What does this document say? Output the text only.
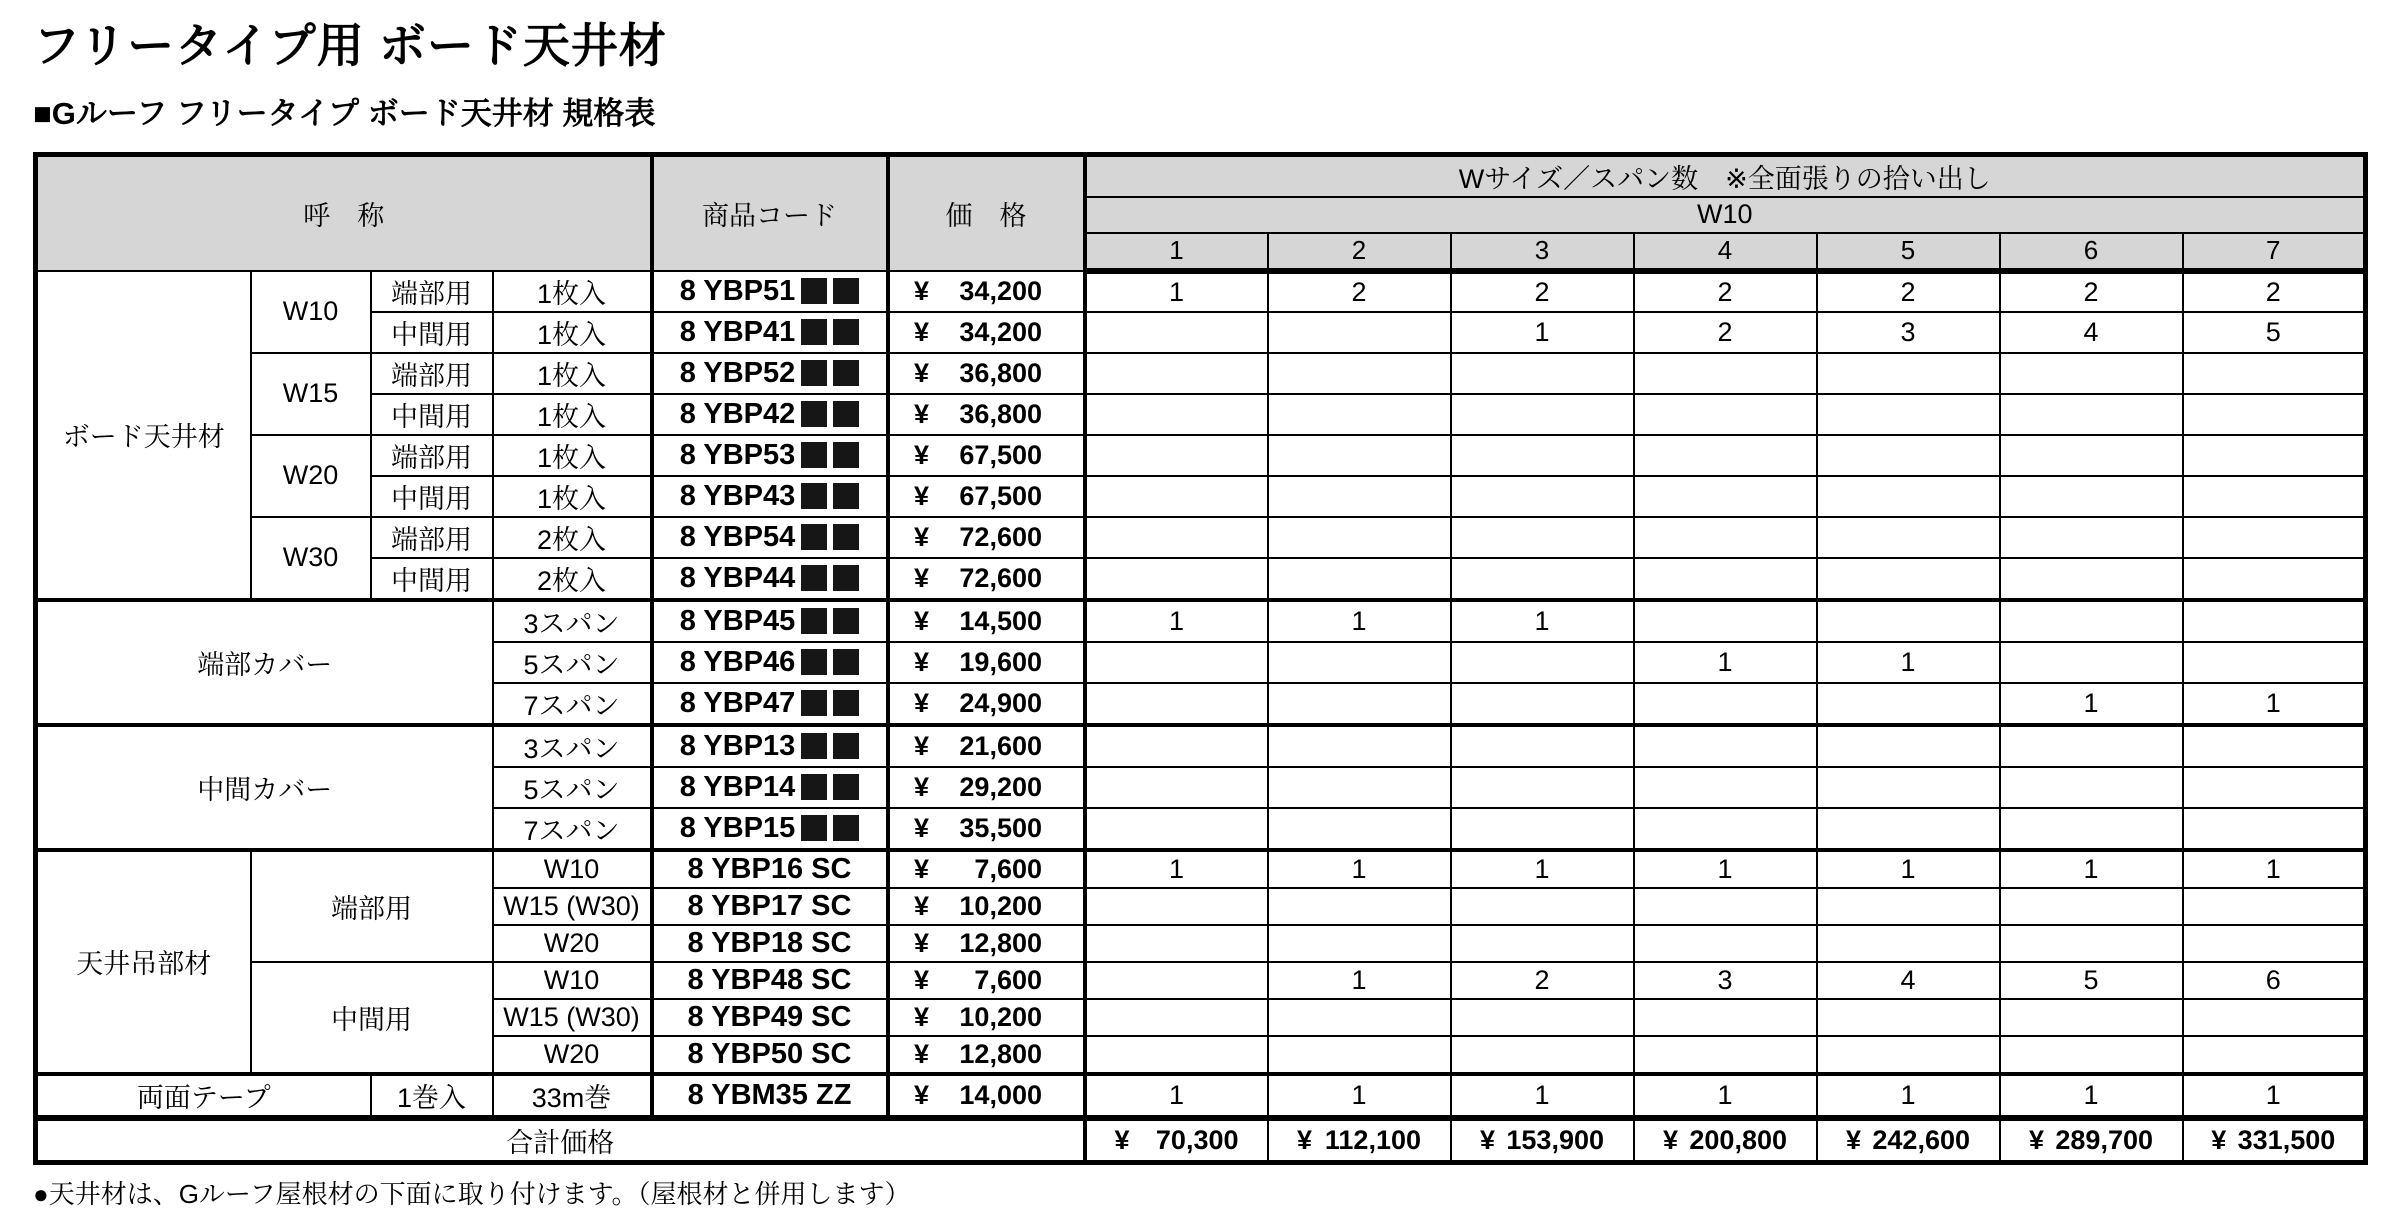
フリータイプ用 ボード天井材
■Gルーフ フリータイプ ボード天井材 規格表
呼　称				商品コード	価　格	Wサイズ／スパン数　※全面張りの拾い出し						
						W10						
						1	2	3	4	5	6	7
ボード天井材	W10	端部用	1枚入	8 YBP51	¥ 34,200	1	2	2	2	2	2	2
		中間用	1枚入	8 YBP41	¥ 34,200			1	2	3	4	5
	W15	端部用	1枚入	8 YBP52	¥ 36,800							

		中間用	1枚入	8 YBP42	¥ 36,800							

	W20	端部用	1枚入	8 YBP53	¥ 67,500							

		中間用	1枚入	8 YBP43	¥ 67,500							

	W30	端部用	2枚入	8 YBP54	¥ 72,600							

		中間用	2枚入	8 YBP44	¥ 72,600							

端部カバー			3スパン	8 YBP45	¥ 14,500	1	1	1				
			5スパン	8 YBP46	¥ 19,600				1	1		
			7スパン	8 YBP47	¥ 24,900						1	1
中間カバー			3スパン	8 YBP13	¥ 21,600							

			5スパン	8 YBP14	¥ 29,200							

			7スパン	8 YBP15	¥ 35,500							

天井吊部材	端部用		W10	8 YBP16 SC	¥ 7,600	1	1	1	1	1	1	1
			W15 (W30)	8 YBP17 SC	¥ 10,200							

			W20	8 YBP18 SC	¥ 12,800							

	中間用		W10	8 YBP48 SC	¥ 7,600		1	2	3	4	5	6
			W15 (W30)	8 YBP49 SC	¥ 10,200							

			W20	8 YBP50 SC	¥ 12,800							

両面テープ		1巻入	33m巻	8 YBM35 ZZ	¥ 14,000	1	1	1	1	1	1	1
合計価格						¥ 70,300	¥ 112,100	¥ 153,900	¥ 200,800	¥ 242,600	¥ 289,700	¥ 331,500

●天井材は、Gルーフ屋根材の下面に取り付けます。（屋根材と併用します）
